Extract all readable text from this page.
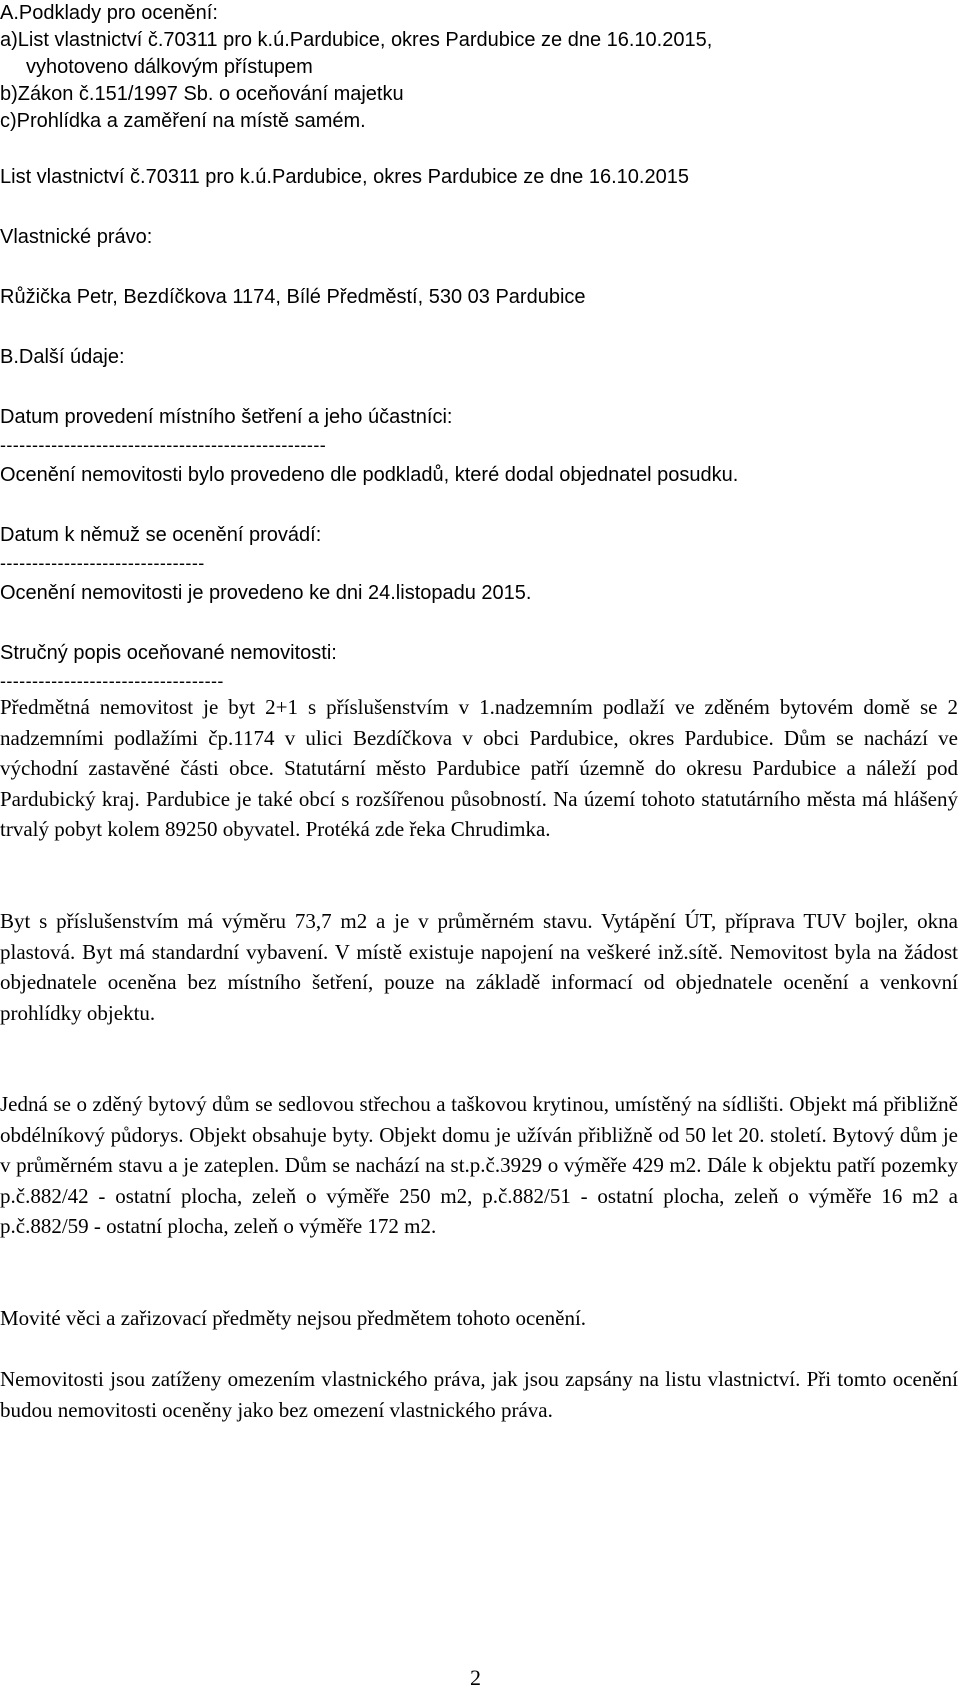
A.Podklady pro ocenění:
a)List vlastnictví č.70311 pro k.ú.Pardubice, okres Pardubice ze dne 16.10.2015,
vyhotoveno dálkovým přístupem
b)Zákon č.151/1997 Sb. o oceňování majetku
c)Prohlídka a zaměření na místě samém.
List vlastnictví č.70311 pro k.ú.Pardubice, okres Pardubice ze dne 16.10.2015
Vlastnické právo:
Růžička Petr, Bezdíčkova 1174, Bílé Předměstí, 530 03 Pardubice
B.Další údaje:
Datum provedení místního šetření a jeho účastníci:
---------------------------------------------------
Ocenění nemovitosti bylo provedeno dle podkladů, které dodal objednatel posudku.
Datum k němuž se ocenění provádí:
--------------------------------
Ocenění nemovitosti je provedeno ke dni 24.listopadu 2015.
Stručný popis oceňované nemovitosti:
-----------------------------------

Předmětná nemovitost je byt 2+1 s příslušenstvím v 1.nadzemním podlaží ve zděném bytovém domě se 2 nadzemními podlažími čp.1174 v ulici Bezdíčkova v obci Pardubice, okres Pardubice. Dům se nachází ve východní zastavěné části obce. Statutární město Pardubice patří územně do okresu Pardubice a náleží pod Pardubický kraj. Pardubice je také obcí s rozšířenou působností. Na území tohoto statutárního města má hlášený trvalý pobyt kolem 89250 obyvatel. Protéká zde řeka Chrudimka.

Byt s příslušenstvím má výměru 73,7 m2 a je v průměrném stavu. Vytápění ÚT, příprava TUV bojler, okna plastová. Byt má standardní vybavení. V místě existuje napojení na veškeré inž.sítě. Nemovitost byla na žádost objednatele oceněna bez místního šetření, pouze na základě informací od objednatele ocenění a venkovní prohlídky objektu.

Jedná se o zděný bytový dům se sedlovou střechou a taškovou krytinou, umístěný na sídlišti. Objekt má přibližně obdélníkový půdorys. Objekt obsahuje byty. Objekt domu je užíván přibližně od 50 let 20. století. Bytový dům je v průměrném stavu a je zateplen. Dům se nachází na st.p.č.3929 o výměře 429 m2. Dále k objektu patří pozemky p.č.882/42 - ostatní plocha, zeleň o výměře 250 m2, p.č.882/51 - ostatní plocha, zeleň o výměře 16 m2 a p.č.882/59 - ostatní plocha, zeleň o výměře 172 m2.

Movité věci a zařizovací předměty nejsou předmětem tohoto ocenění.

Nemovitosti jsou zatíženy omezením vlastnického práva, jak jsou zapsány na listu vlastnictví. Při tomto ocenění budou nemovitosti oceněny jako bez omezení vlastnického práva.

2
